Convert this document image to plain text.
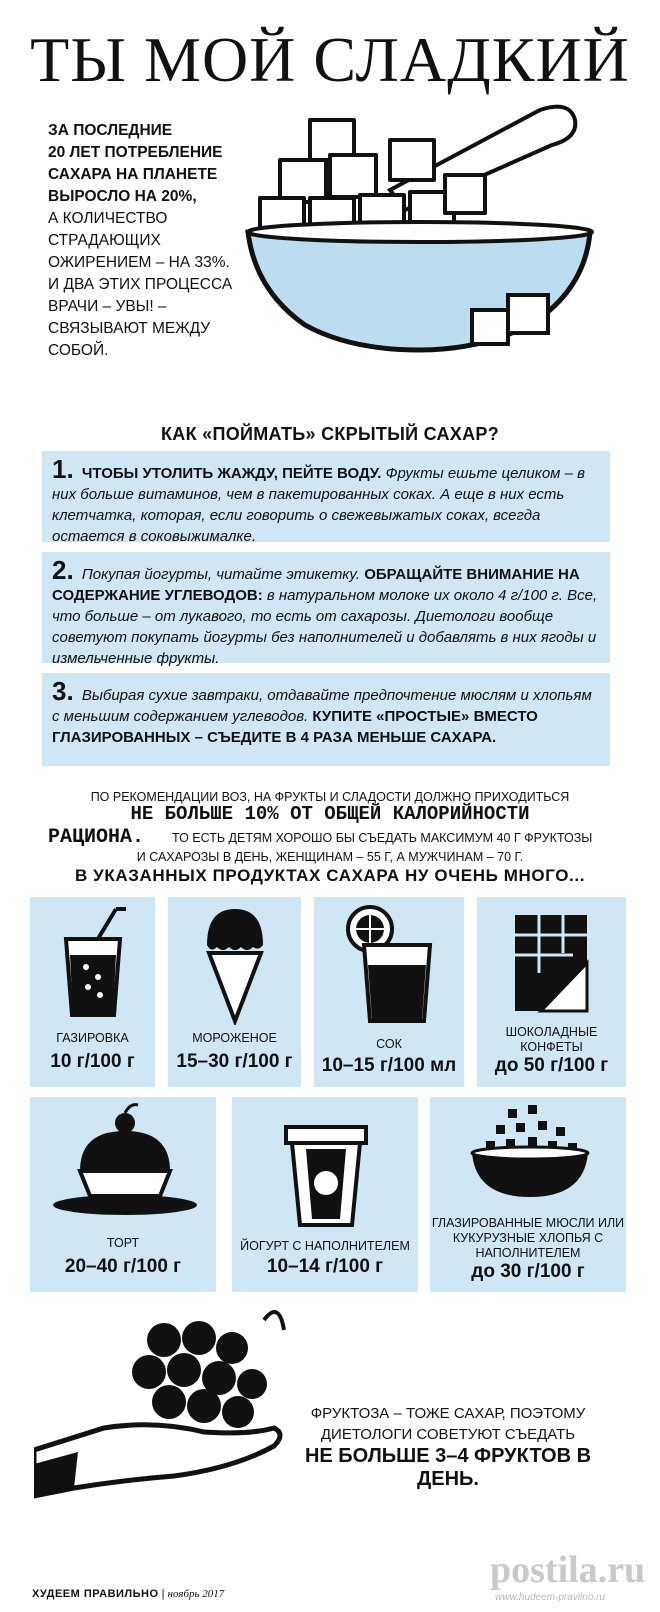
ТЫ МОЙ СЛАДКИЙ
ЗА ПОСЛЕДНИЕ
20 ЛЕТ ПОТРЕБЛЕНИЕ
САХАРА НА ПЛАНЕТЕ
ВЫРОСЛО НА 20%,
А КОЛИЧЕСТВО
СТРАДАЮЩИХ
ОЖИРЕНИЕМ – НА 33%.
И ДВА ЭТИХ ПРОЦЕССА
ВРАЧИ – УВЫ! –
СВЯЗЫВАЮТ МЕЖДУ
СОБОЙ.
КАК «ПОЙМАТЬ» СКРЫТЫЙ САХАР?
1. ЧТОБЫ УТОЛИТЬ ЖАЖДУ, ПЕЙТЕ ВОДУ. Фрукты ешьте целиком – в них больше витаминов, чем в пакетированных соках. А еще в них есть клетчатка, которая, если говорить о свежевыжатых соках, всегда остается в соковыжималке.
2. Покупая йогурты, читайте этикетку. ОБРАЩАЙТЕ ВНИМАНИЕ НА СОДЕРЖАНИЕ УГЛЕВОДОВ: в натуральном молоке их около 4 г/100 г. Все, что больше – от лукавого, то есть от сахарозы. Диетологи вообще советуют покупать йогурты без наполнителей и добавлять в них ягоды и измельченные фрукты.
3. Выбирая сухие завтраки, отдавайте предпочтение мюслям и хлопьям с меньшим содержанием углеводов. КУПИТЕ «ПРОСТЫЕ» ВМЕСТО ГЛАЗИРОВАННЫХ – СЪЕДИТЕ В 4 РАЗА МЕНЬШЕ САХАРА.
ПО РЕКОМЕНДАЦИИ ВОЗ, НА ФРУКТЫ И СЛАДОСТИ ДОЛЖНО ПРИХОДИТЬСЯ
НЕ БОЛЬШЕ 10% ОТ ОБЩЕЙ КАЛОРИЙНОСТИ
РАЦИОНА. ТО ЕСТЬ ДЕТЯМ ХОРОШО БЫ СЪЕДАТЬ МАКСИМУМ 40 Г ФРУКТОЗЫ
И САХАРОЗЫ В ДЕНЬ, ЖЕНЩИНАМ – 55 Г, А МУЖЧИНАМ – 70 Г.
В УКАЗАННЫХ ПРОДУКТАХ САХАРА НУ ОЧЕНЬ МНОГО...
ГАЗИРОВКА
10 г/100 г
МОРОЖЕНОЕ
15–30 г/100 г
СОК
10–15 г/100 мл
ШОКОЛАДНЫЕ КОНФЕТЫ
до 50 г/100 г
ТОРТ
20–40 г/100 г
ЙОГУРТ С НАПОЛНИТЕЛЕМ
10–14 г/100 г
ГЛАЗИРОВАННЫЕ МЮСЛИ ИЛИ КУКУРУЗНЫЕ ХЛОПЬЯ С НАПОЛНИТЕЛЕМ
до 30 г/100 г
ФРУКТОЗА – ТОЖЕ САХАР, ПОЭТОМУ
ДИЕТОЛОГИ СОВЕТУЮТ СЪЕДАТЬ
НЕ БОЛЬШЕ 3–4 ФРУКТОВ В ДЕНЬ.
ХУДЕЕМ ПРАВИЛЬНО | ноябрь 2017
postila.ru
www.hudeem-pravilno.ru
